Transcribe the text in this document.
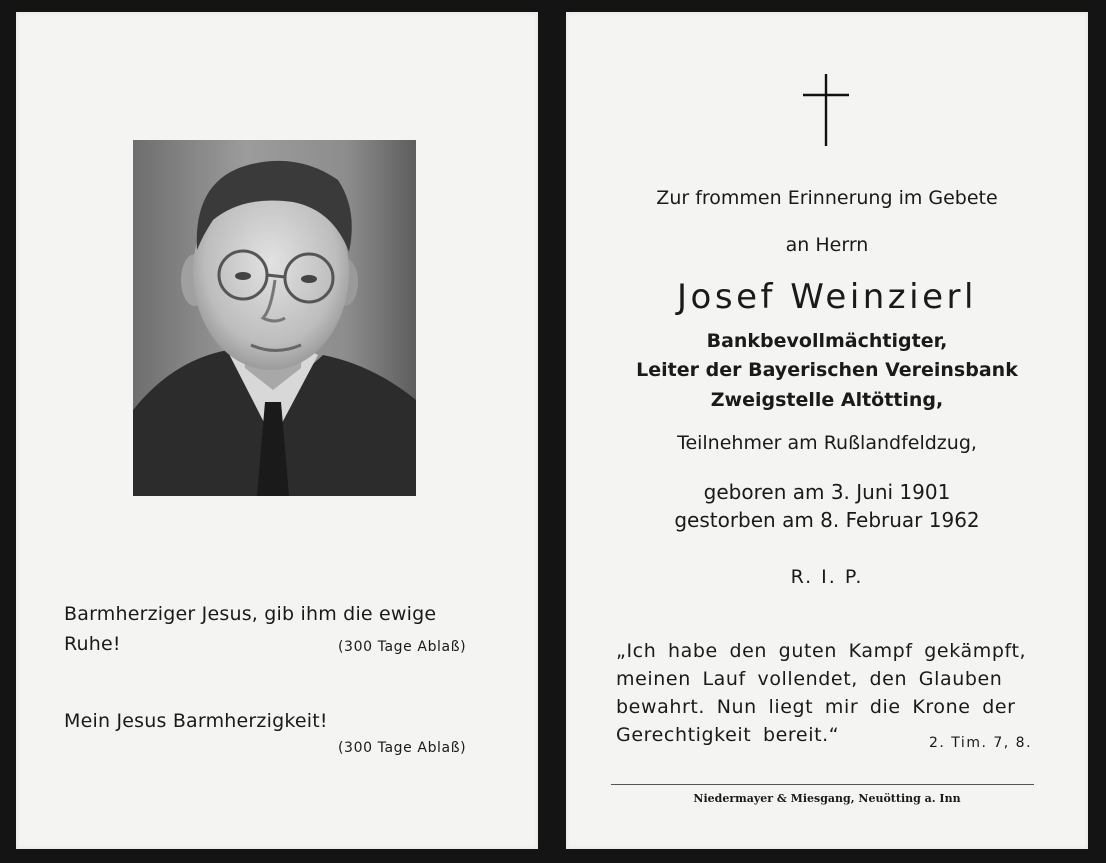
Barmherziger Jesus, gib ihm die ewige
Ruhe!	(300 Tage Ablaß)
Mein Jesus Barmherzigkeit!
(300 Tage Ablaß)
Zur frommen Erinnerung im Gebete
an Herrn
Josef Weinzierl
Bankbevollmächtigter,
Leiter der Bayerischen Vereinsbank
Zweigstelle Altötting,
Teilnehmer am Rußlandfeldzug,
geboren am 3. Juni 1901
gestorben am 8. Februar 1962
R. I. P.
„Ich habe den guten Kampf gekämpft,
meinen Lauf vollendet, den Glauben
bewahrt. Nun liegt mir die Krone der
Gerechtigkeit bereit.“	2. Tim. 7, 8.
Niedermayer & Miesgang, Neuötting a. Inn
